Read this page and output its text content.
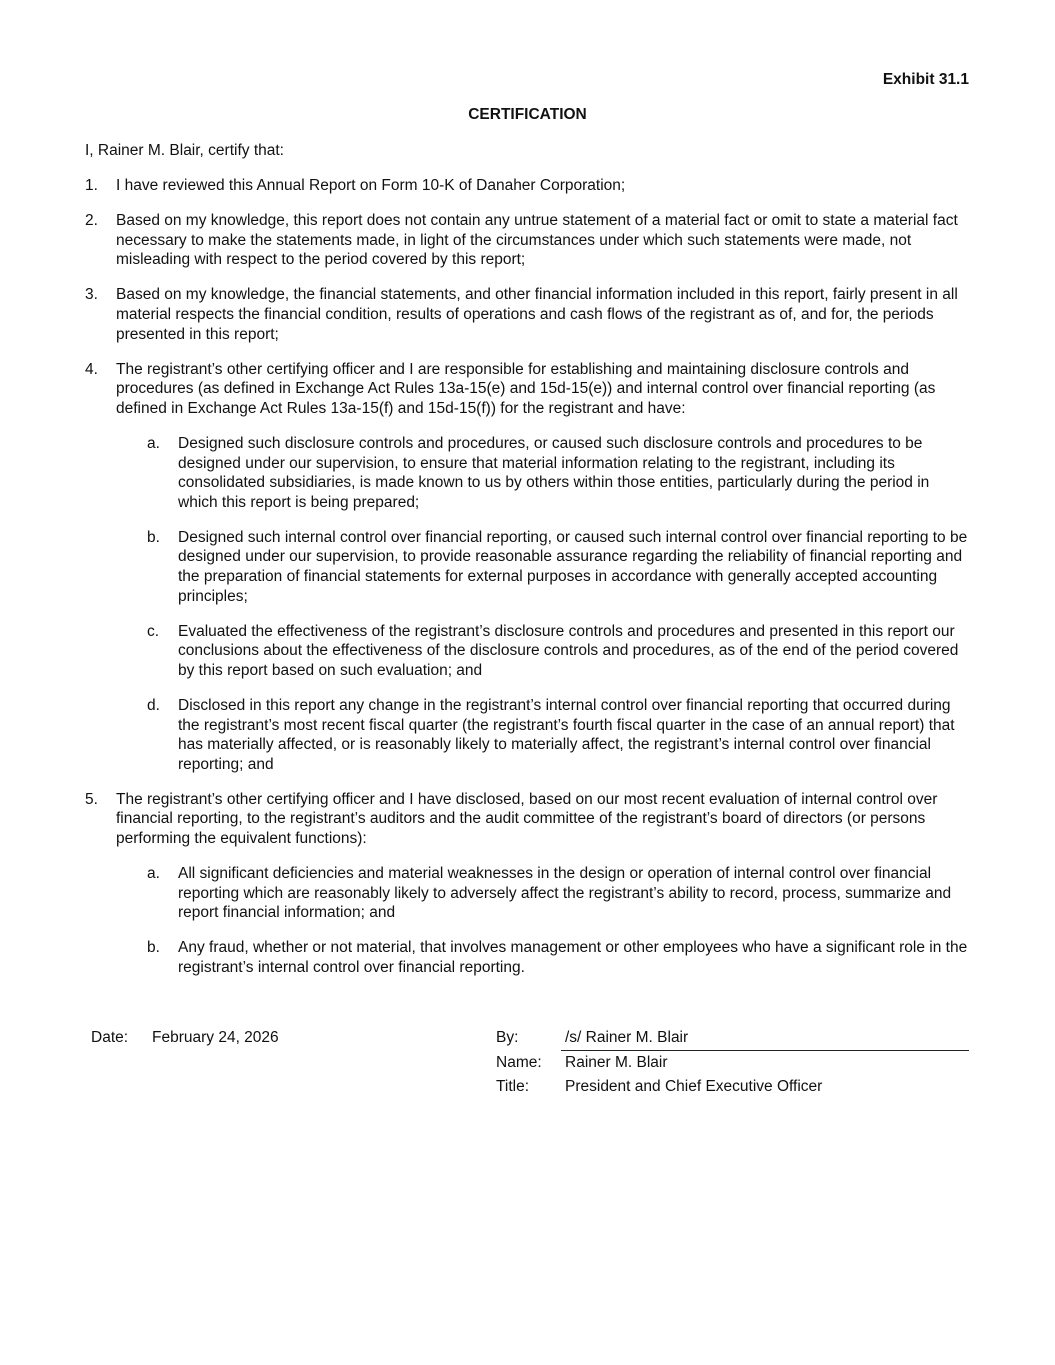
Exhibit 31.1
CERTIFICATION
I, Rainer M. Blair, certify that:
1. I have reviewed this Annual Report on Form 10-K of Danaher Corporation;
2. Based on my knowledge, this report does not contain any untrue statement of a material fact or omit to state a material fact necessary to make the statements made, in light of the circumstances under which such statements were made, not misleading with respect to the period covered by this report;
3. Based on my knowledge, the financial statements, and other financial information included in this report, fairly present in all material respects the financial condition, results of operations and cash flows of the registrant as of, and for, the periods presented in this report;
4. The registrant’s other certifying officer and I are responsible for establishing and maintaining disclosure controls and procedures (as defined in Exchange Act Rules 13a-15(e) and 15d-15(e)) and internal control over financial reporting (as defined in Exchange Act Rules 13a-15(f) and 15d-15(f)) for the registrant and have:
a. Designed such disclosure controls and procedures, or caused such disclosure controls and procedures to be designed under our supervision, to ensure that material information relating to the registrant, including its consolidated subsidiaries, is made known to us by others within those entities, particularly during the period in which this report is being prepared;
b. Designed such internal control over financial reporting, or caused such internal control over financial reporting to be designed under our supervision, to provide reasonable assurance regarding the reliability of financial reporting and the preparation of financial statements for external purposes in accordance with generally accepted accounting principles;
c. Evaluated the effectiveness of the registrant’s disclosure controls and procedures and presented in this report our conclusions about the effectiveness of the disclosure controls and procedures, as of the end of the period covered by this report based on such evaluation; and
d. Disclosed in this report any change in the registrant’s internal control over financial reporting that occurred during the registrant’s most recent fiscal quarter (the registrant’s fourth fiscal quarter in the case of an annual report) that has materially affected, or is reasonably likely to materially affect, the registrant’s internal control over financial reporting; and
5. The registrant’s other certifying officer and I have disclosed, based on our most recent evaluation of internal control over financial reporting, to the registrant’s auditors and the audit committee of the registrant’s board of directors (or persons performing the equivalent functions):
a. All significant deficiencies and material weaknesses in the design or operation of internal control over financial reporting which are reasonably likely to adversely affect the registrant’s ability to record, process, summarize and report financial information; and
b. Any fraud, whether or not material, that involves management or other employees who have a significant role in the registrant’s internal control over financial reporting.
Date: February 24, 2026	By:	/s/ Rainer M. Blair
Name: Rainer M. Blair
Title: President and Chief Executive Officer
